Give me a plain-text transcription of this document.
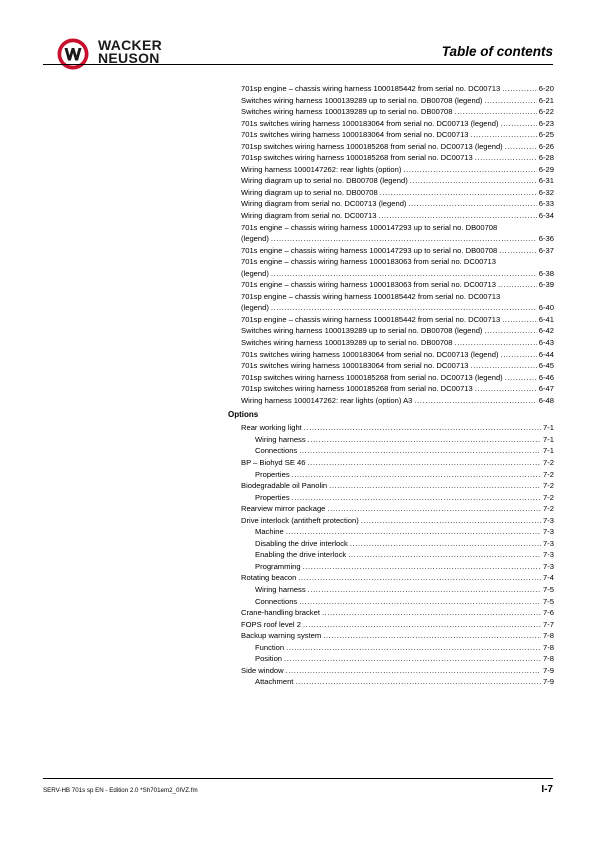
WACKER
NEUSON	Table of contents
701sp engine – chassis wiring harness 1000185442 from serial no. DC00713 .....	6-20
Switches wiring harness 1000139289 up to serial no. DB00708 (legend) .....	6-21
Switches wiring harness 1000139289 up to serial no. DB00708 .....	6-22
701s switches wiring harness 1000183064 from serial no. DC00713 (legend) .....	6-23
701s switches wiring harness 1000183064 from serial no. DC00713 .....	6-25
701sp switches wiring harness 1000185268 from serial no. DC00713 (legend) .....	6-26
701sp switches wiring harness 1000185268 from serial no. DC00713 .....	6-28
Wiring harness 1000147262: rear lights (option) .....	6-29
Wiring diagram up to serial no. DB00708 (legend) .....	6-31
Wiring diagram up to serial no. DB00708 .....	6-32
Wiring diagram from serial no. DC00713 (legend) .....	6-33
Wiring diagram from serial no. DC00713 .....	6-34
701s engine – chassis wiring harness 1000147293 up to serial no. DB00708
(legend) .....	6-36
701s engine – chassis wiring harness 1000147293 up to serial no. DB00708 .....	6-37
701s engine – chassis wiring harness 1000183063 from serial no. DC00713
(legend) .....	6-38
701s engine – chassis wiring harness 1000183063 from serial no. DC00713 .....	6-39
701sp engine – chassis wiring harness 1000185442 from serial no. DC00713
(legend) .....	6-40
701sp engine – chassis wiring harness 1000185442 from serial no. DC00713 .....	6-41
Switches wiring harness 1000139289 up to serial no. DB00708 (legend) .....	6-42
Switches wiring harness 1000139289 up to serial no. DB00708 .....	6-43
701s switches wiring harness 1000183064 from serial no. DC00713 (legend) .....	6-44
701s switches wiring harness 1000183064 from serial no. DC00713 .....	6-45
701sp switches wiring harness 1000185268 from serial no. DC00713 (legend) .....	6-46
701sp switches wiring harness 1000185268 from serial no. DC00713 .....	6-47
Wiring harness 1000147262: rear lights (option) A3 .....	6-48
Options
Rear working light .....	7-1
Wiring harness .....	7-1
Connections .....	7-1
BP – Biohyd SE 46 .....	7-2
Properties .....	7-2
Biodegradable oil Panolin .....	7-2
Properties .....	7-2
Rearview mirror package .....	7-2
Drive interlock (antitheft protection) .....	7-3
Machine .....	7-3
Disabling the drive interlock .....	7-3
Enabling the drive interlock .....	7-3
Programming .....	7-3
Rotating beacon .....	7-4
Wiring harness .....	7-5
Connections .....	7-5
Crane-handling bracket .....	7-6
FOPS roof level 2 .....	7-7
Backup warning system .....	7-8
Function .....	7-8
Position .....	7-8
Side window .....	7-9
Attachment .....	7-9
SERV-HB 701s sp EN - Edition 2.0 *Sh701em2_0IVZ.fm	I-7
